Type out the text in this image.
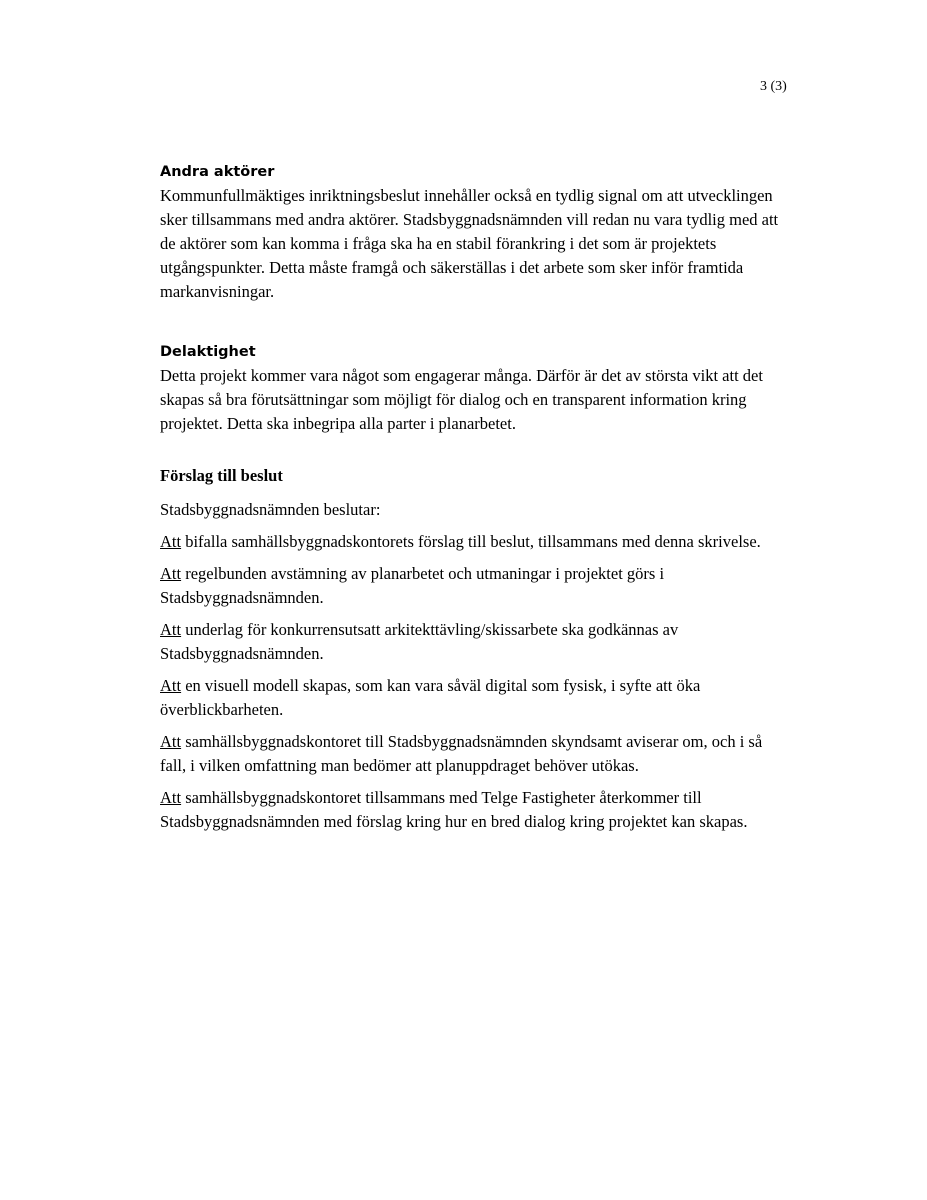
3 (3)
Andra aktörer

Kommunfullmäktiges inriktningsbeslut innehåller också en tydlig signal om att utvecklingen sker tillsammans med andra aktörer. Stadsbyggnadsnämnden vill redan nu vara tydlig med att de aktörer som kan komma i fråga ska ha en stabil förankring i det som är projektets utgångspunkter. Detta måste framgå och säkerställas i det arbete som sker inför framtida markanvisningar.

Delaktighet

Detta projekt kommer vara något som engagerar många. Därför är det av största vikt att det skapas så bra förutsättningar som möjligt för dialog och en transparent information kring projektet. Detta ska inbegripa alla parter i planarbetet.

Förslag till beslut

Stadsbyggnadsnämnden beslutar:

Att bifalla samhällsbyggnadskontorets förslag till beslut, tillsammans med denna skrivelse.

Att regelbunden avstämning av planarbetet och utmaningar i projektet görs i Stadsbyggnadsnämnden.

Att underlag för konkurrensutsatt arkitekttävling/skissarbete ska godkännas av Stadsbyggnadsnämnden.

Att en visuell modell skapas, som kan vara såväl digital som fysisk, i syfte att öka överblickbarheten.

Att samhällsbyggnadskontoret till Stadsbyggnadsnämnden skyndsamt aviserar om, och i så fall, i vilken omfattning man bedömer att planuppdraget behöver utökas.

Att samhällsbyggnadskontoret tillsammans med Telge Fastigheter återkommer till Stadsbyggnadsnämnden med förslag kring hur en bred dialog kring projektet kan skapas.
